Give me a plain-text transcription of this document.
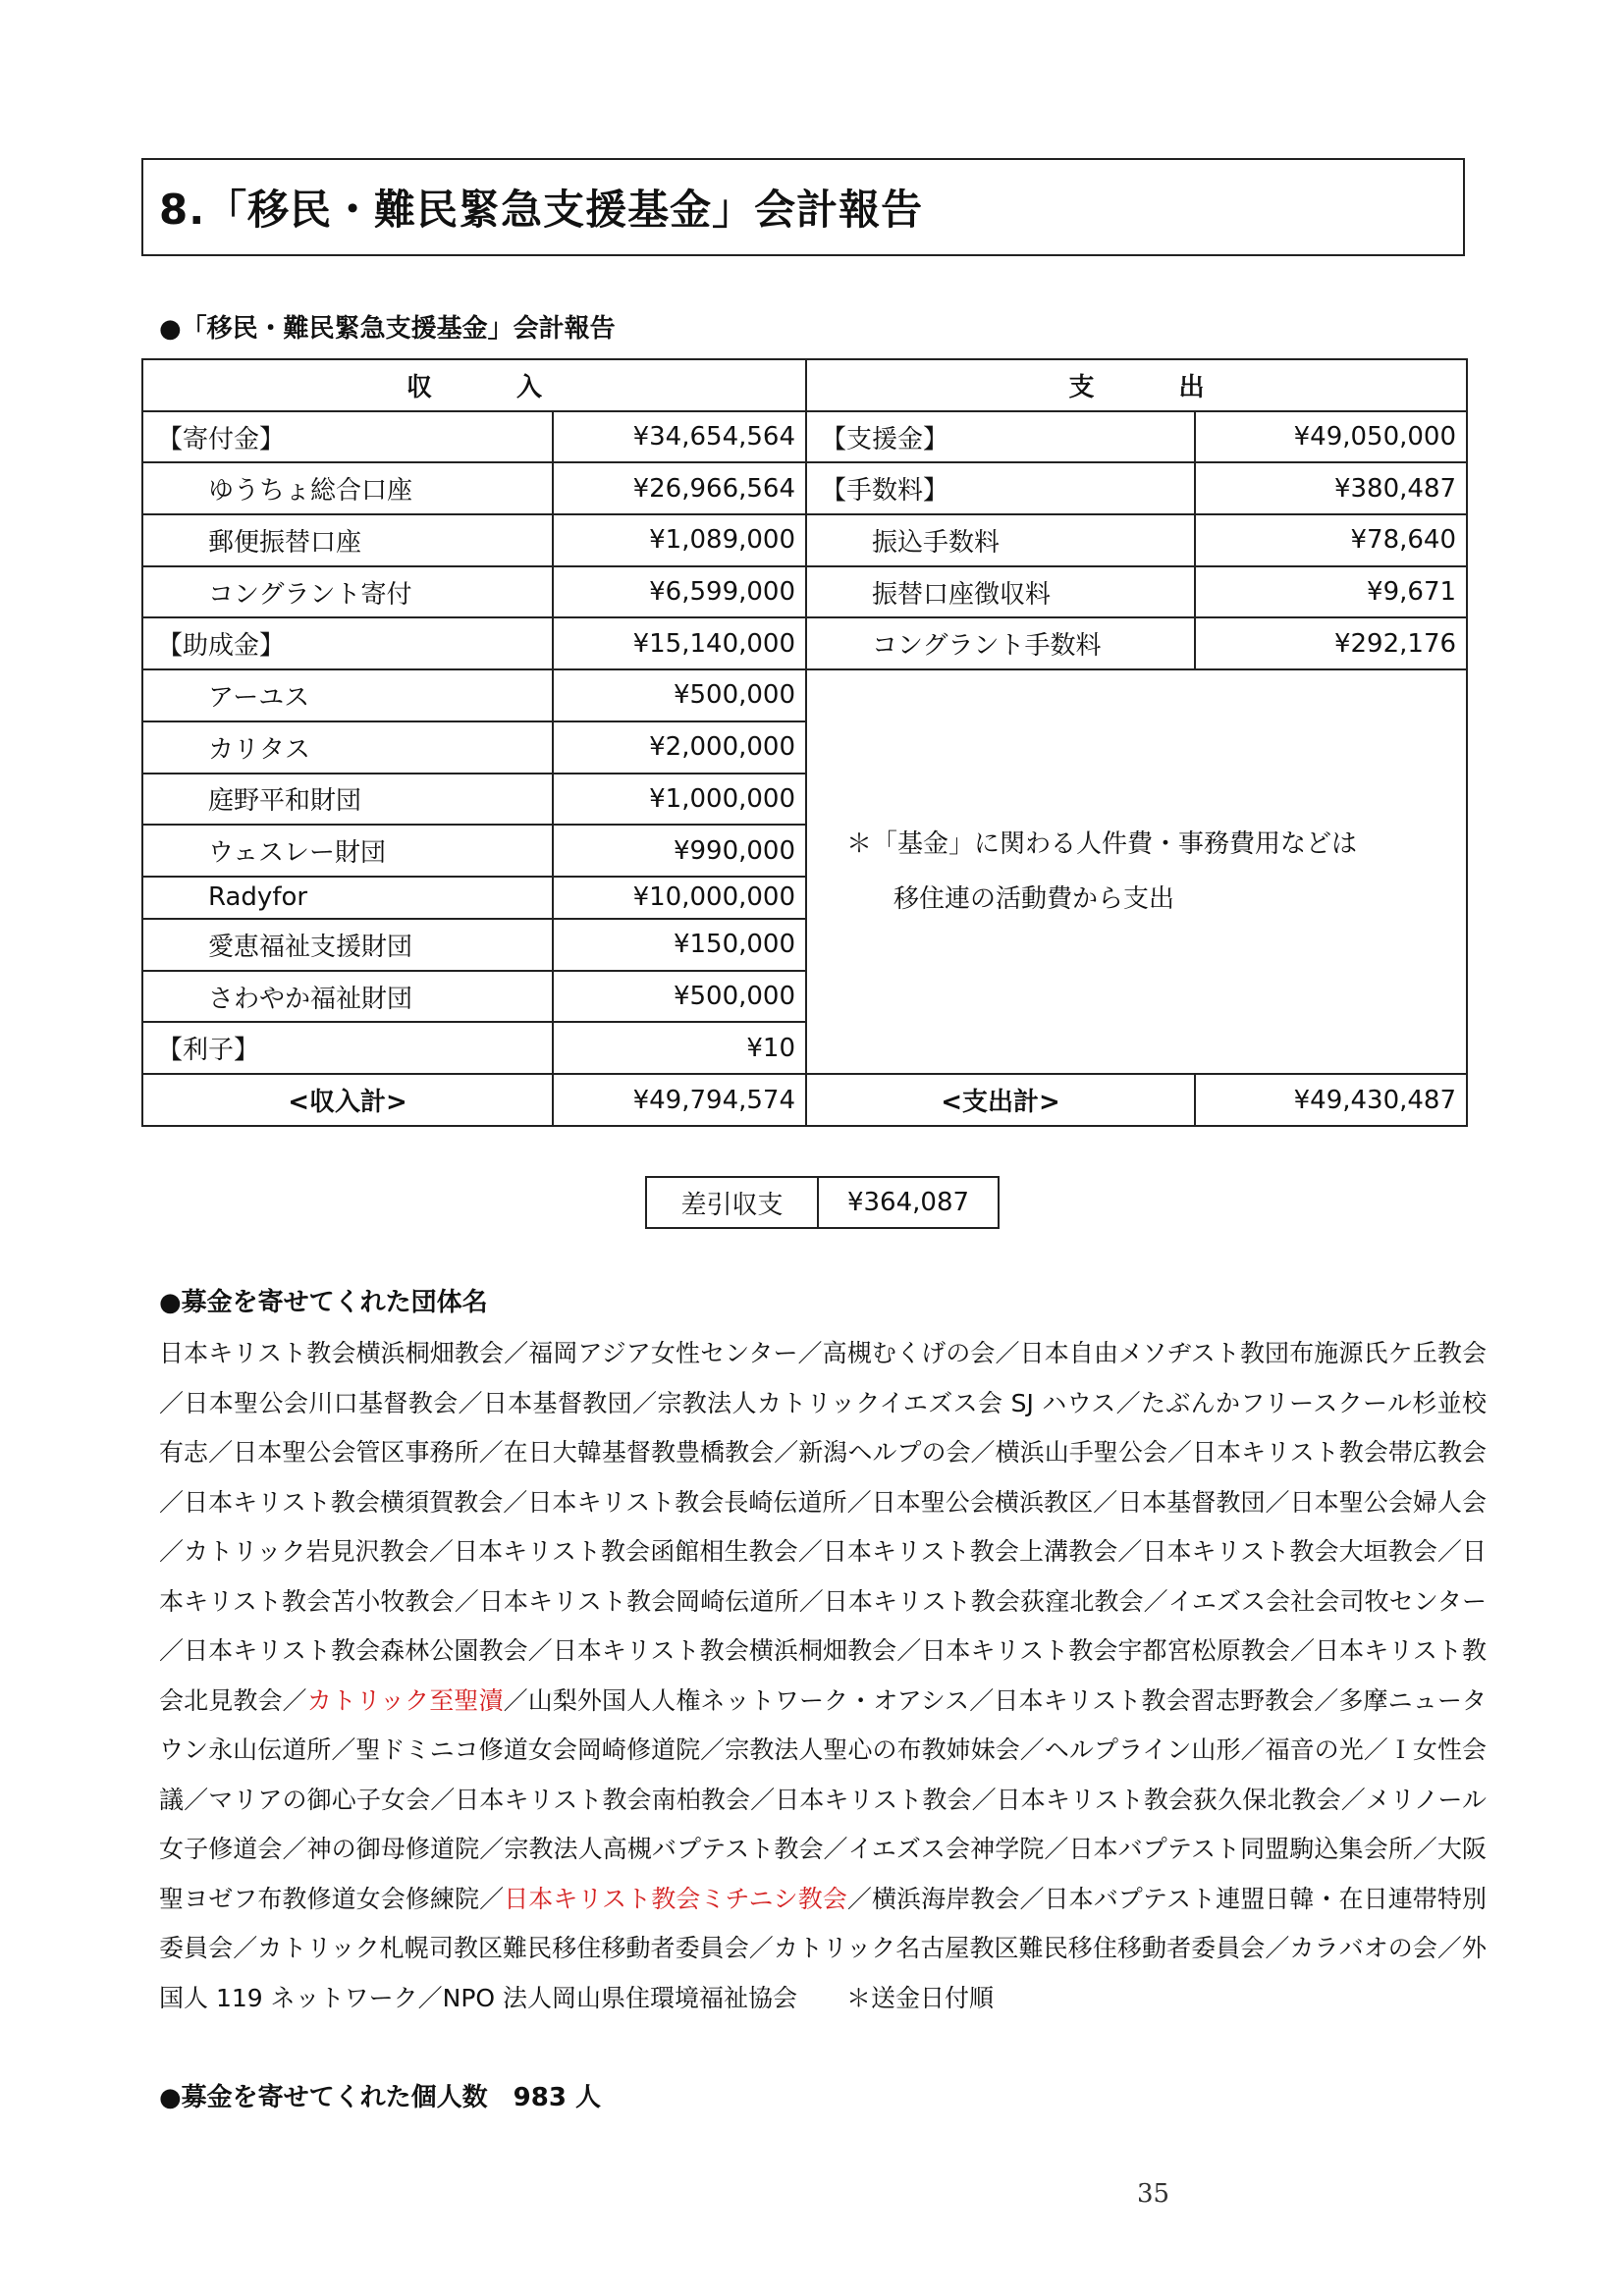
8.「移民・難民緊急支援基金」会計報告
●「移民・難民緊急支援基金」会計報告
収　入		支　出	
【寄付金】	¥34,654,564	【支援金】	¥49,050,000
ゆうちょ総合口座	¥26,966,564	【手数料】	¥380,487
郵便振替口座	¥1,089,000	振込手数料	¥78,640
コングラント寄付	¥6,599,000	振替口座徴収料	¥9,671
【助成金】	¥15,140,000	コングラント手数料	¥292,176
アーユス	¥500,000	＊「基金」に関わる人件費・事務費用などは
移住連の活動費から支出	

カリタス	¥2,000,000		
庭野平和財団	¥1,000,000		
ウェスレー財団	¥990,000		
Radyfor	¥10,000,000		
愛恵福祉支援財団	¥150,000		
さわやか福祉財団	¥500,000		
【利子】	¥10		
<収入計>	¥49,794,574	<支出計>	¥49,430,487
差引収支	¥364,087
●募金を寄せてくれた団体名
日本キリスト教会横浜桐畑教会／福岡アジア女性センター／高槻むくげの会／日本自由メソヂスト教団布施源氏ケ丘教会／日本聖公会川口基督教会／日本基督教団／宗教法人カトリックイエズス会 SJ ハウス／たぶんかフリースクール杉並校有志／日本聖公会管区事務所／在日大韓基督教豊橋教会／新潟ヘルプの会／横浜山手聖公会／日本キリスト教会帯広教会／日本キリスト教会横須賀教会／日本キリスト教会長崎伝道所／日本聖公会横浜教区／日本基督教団／日本聖公会婦人会／カトリック岩見沢教会／日本キリスト教会函館相生教会／日本キリスト教会上溝教会／日本キリスト教会大垣教会／日本キリスト教会苫小牧教会／日本キリスト教会岡崎伝道所／日本キリスト教会荻窪北教会／イエズス会社会司牧センター／日本キリスト教会森林公園教会／日本キリスト教会横浜桐畑教会／日本キリスト教会宇都宮松原教会／日本キリスト教会北見教会／カトリック至聖瀆／山梨外国人人権ネットワーク・オアシス／日本キリスト教会習志野教会／多摩ニュータウン永山伝道所／聖ドミニコ修道女会岡崎修道院／宗教法人聖心の布教姉妹会／ヘルプライン山形／福音の光／Ｉ女性会議／マリアの御心子女会／日本キリスト教会南柏教会／日本キリスト教会／日本キリスト教会荻久保北教会／メリノール女子修道会／神の御母修道院／宗教法人高槻バプテスト教会／イエズス会神学院／日本バプテスト同盟駒込集会所／大阪聖ヨゼフ布教修道女会修練院／日本キリスト教会ミチニシ教会／横浜海岸教会／日本バプテスト連盟日韓・在日連帯特別委員会／カトリック札幌司教区難民移住移動者委員会／カトリック名古屋教区難民移住移動者委員会／カラバオの会／外国人 119 ネットワーク／NPO 法人岡山県住環境福祉協会 ＊送金日付順
●募金を寄せてくれた個人数　983 人
35
